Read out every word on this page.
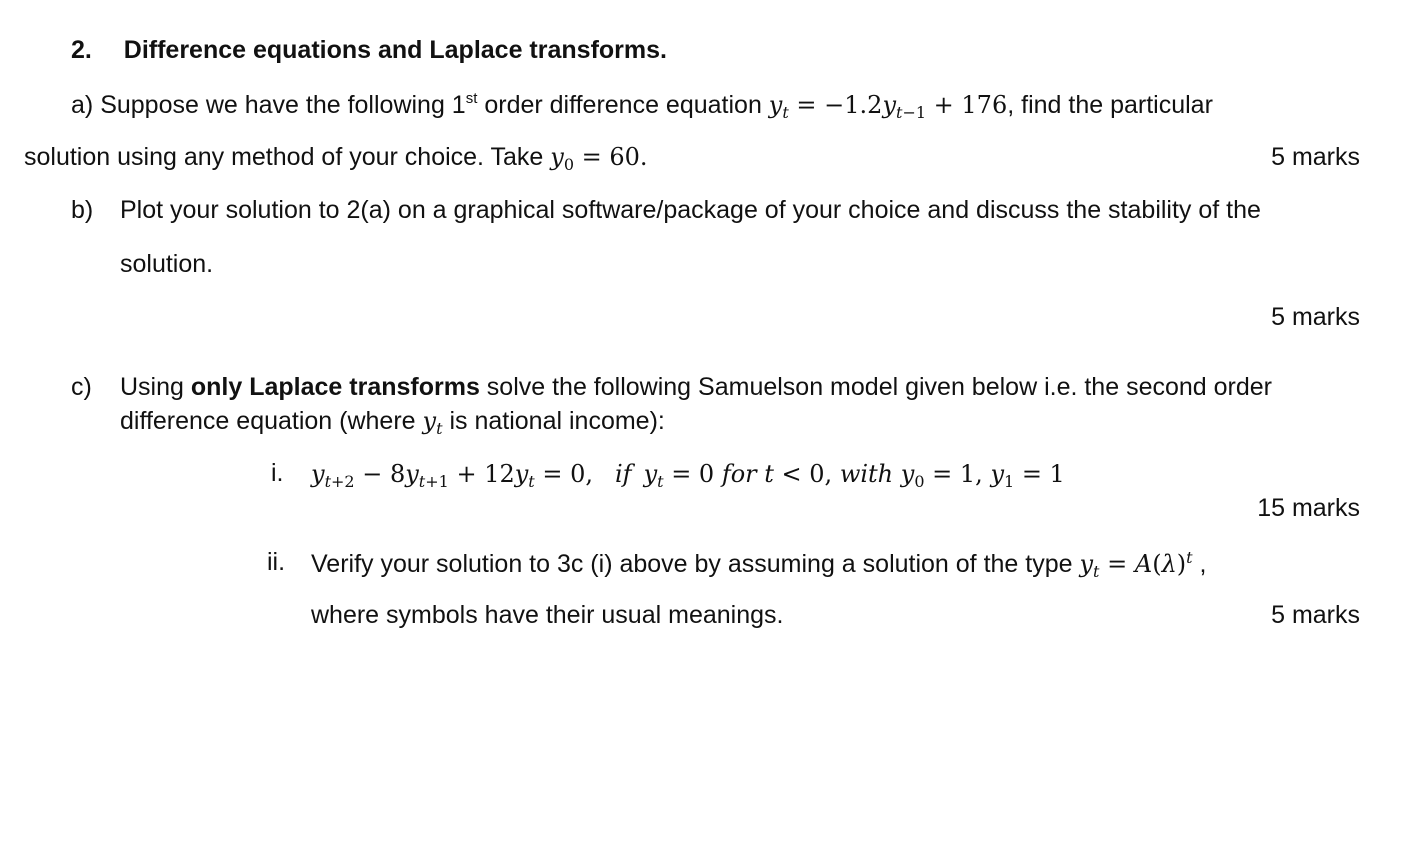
2. Difference equations and Laplace transforms.
a) Suppose we have the following 1st order difference equation $y_t = -1.2y_{t-1} + 176$, find the particular
solution using any method of your choice. Take $y_0 = 60$.	5 marks
b) Plot your solution to 2(a) on a graphical software/package of your choice and discuss the stability of the
solution.
5 marks
c) Using only Laplace transforms solve the following Samuelson model given below i.e. the second order
difference equation (where $y_t$ is national income):
i. $y_{t+2} - 8y_{t+1} + 12y_t = 0$, if $y_t = 0$ for t < 0, with $y_0 = 1$, $y_1 = 1$
15 marks
ii. Verify your solution to 3c (i) above by assuming a solution of the type $y_t = A(\lambda)^t$ ,
where symbols have their usual meanings.	5 marks
